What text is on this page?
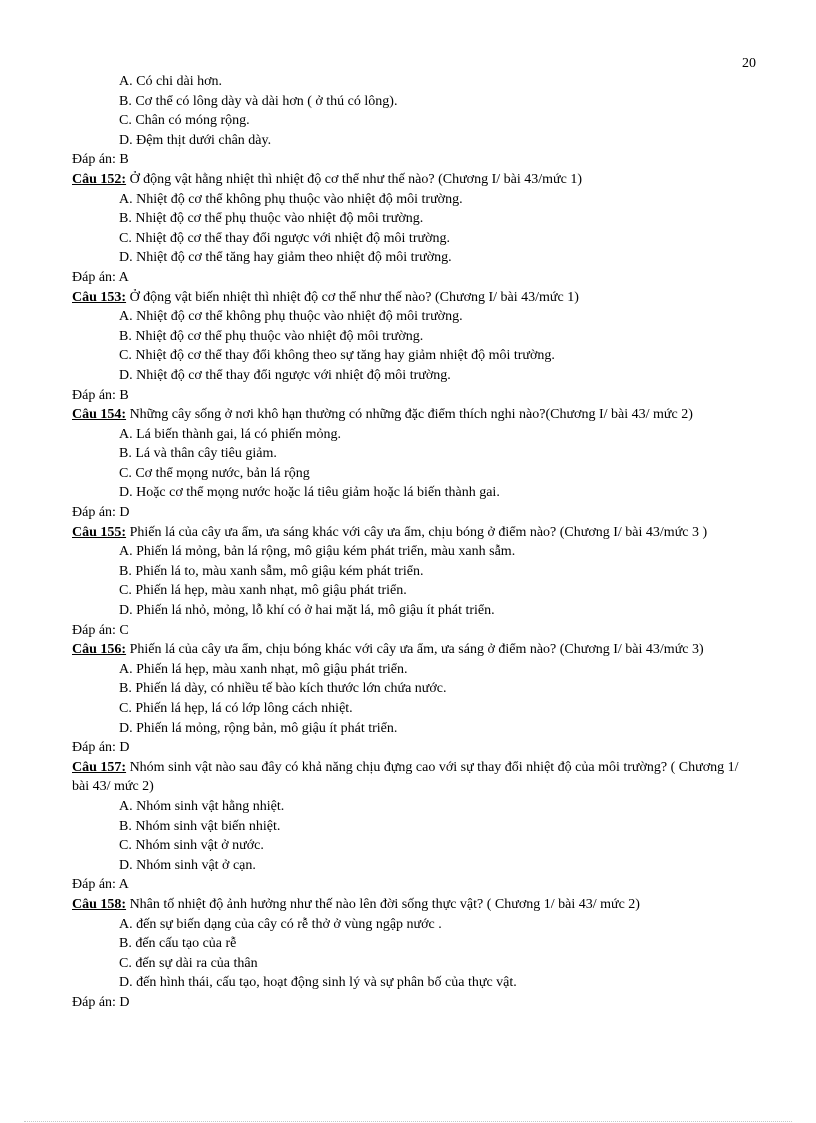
20
A. Có chi dài hơn.
B. Cơ thể có lông dày và dài hơn ( ở thú có lông).
C. Chân có móng rộng.
D. Đệm thịt dưới chân dày.
Đáp án: B
Câu 152: Ở động vật hằng nhiệt thì nhiệt độ cơ thể như thế nào? (Chương I/ bài 43/mức 1)
A. Nhiệt độ cơ thể không phụ thuộc vào nhiệt độ môi trường.
B. Nhiệt độ cơ thể phụ thuộc vào nhiệt độ môi trường.
C. Nhiệt độ cơ thể thay đổi ngược với nhiệt độ môi trường.
D. Nhiệt độ cơ thể tăng hay giảm theo nhiệt độ môi trường.
Đáp án: A
Câu 153: Ở động vật biến nhiệt thì nhiệt độ cơ thể như thế nào? (Chương I/ bài 43/mức 1)
A. Nhiệt độ cơ thể không phụ thuộc vào nhiệt độ môi trường.
B. Nhiệt độ cơ thể phụ thuộc vào nhiệt độ môi trường.
C. Nhiệt độ cơ thể thay đổi không theo sự tăng hay giảm nhiệt độ môi trường.
D. Nhiệt độ cơ thể thay đổi ngược với nhiệt độ môi trường.
Đáp án: B
Câu 154: Những cây sống ở nơi khô hạn thường có những đặc điểm thích nghi nào?(Chương I/ bài 43/ mức 2)
A. Lá biến thành gai, lá có phiến mỏng.
B. Lá và thân cây tiêu giảm.
C. Cơ thể mọng nước, bản lá rộng
D. Hoặc cơ thể mọng nước hoặc lá tiêu giảm hoặc lá biến thành gai.
Đáp án: D
Câu 155: Phiến lá của cây ưa ẩm, ưa sáng khác với cây ưa ẩm, chịu bóng ở điểm nào? (Chương I/ bài 43/mức 3 )
A. Phiến lá mỏng, bản lá rộng, mô giậu kém phát triển, màu xanh sẫm.
B. Phiến lá to, màu xanh sẫm, mô giậu kém phát triển.
C. Phiến lá hẹp, màu xanh nhạt, mô giậu phát triển.
D. Phiến lá nhỏ, mỏng, lỗ khí có ở hai mặt lá, mô giậu ít phát triển.
Đáp án: C
Câu 156: Phiến lá của cây ưa ẩm, chịu bóng khác với cây ưa ẩm, ưa sáng ở điểm nào? (Chương I/ bài 43/mức 3)
A. Phiến lá hẹp, màu xanh nhạt, mô giậu phát triển.
B. Phiến lá dày, có nhiều tế bào kích thước lớn chứa nước.
C. Phiến lá hẹp, lá có lớp lông cách nhiệt.
D. Phiến lá mỏng, rộng bản, mô giậu ít phát triển.
Đáp án: D
Câu 157: Nhóm sinh vật nào sau đây có khả năng chịu đựng cao với sự thay đổi nhiệt độ của môi trường? ( Chương 1/ bài 43/ mức 2)
A. Nhóm sinh vật hằng nhiệt.
B. Nhóm sinh vật biến nhiệt.
C. Nhóm sinh vật ở nước.
D. Nhóm sinh vật ở cạn.
Đáp án: A
Câu 158: Nhân tố nhiệt độ ảnh hưởng như thế nào lên đời sống thực vật? ( Chương 1/ bài 43/ mức 2)
A. đến sự biến dạng của cây có rễ thở ở vùng ngập nước .
B. đến cấu tạo của rễ
C. đến sự dài ra của thân
D. đến hình thái, cấu tạo, hoạt động sinh lý và sự phân bố của thực vật.
Đáp án: D
